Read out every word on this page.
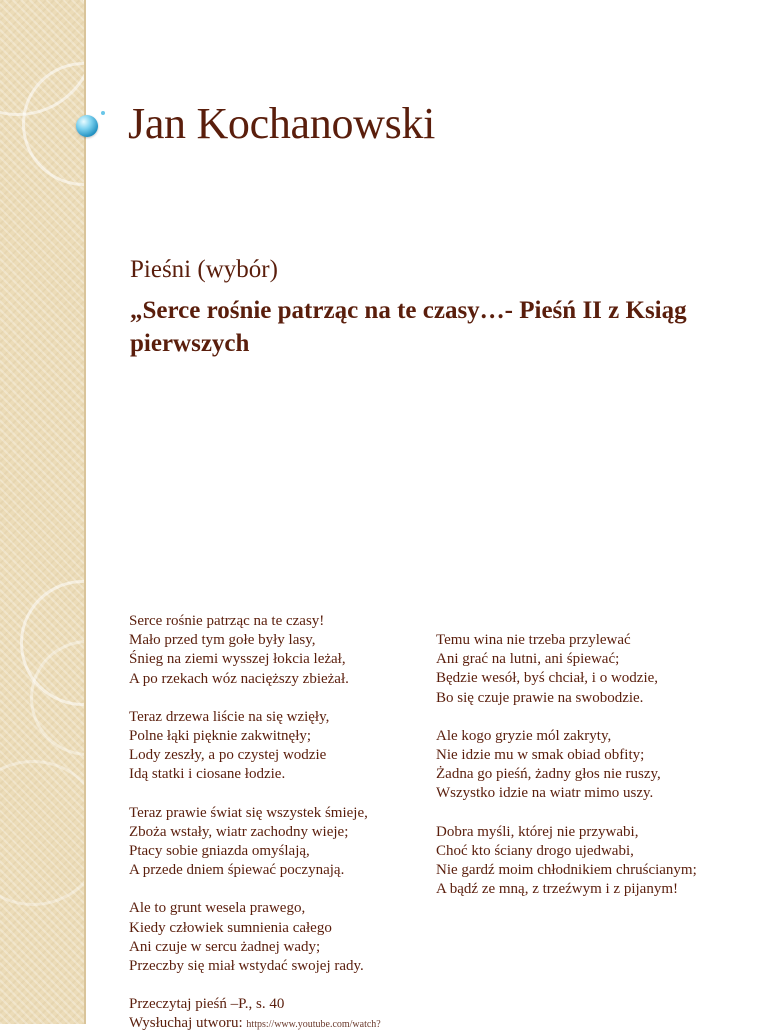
Jan Kochanowski
Pieśni (wybór)
„Serce rośnie patrząc na te czasy…- Pieśń II z Ksiąg pierwszych
Serce rośnie patrząc na te czasy!
Mało przed tym gołe były lasy,
Śnieg na ziemi wysszej łokcia leżał,
A po rzekach wóz nacięższy zbieżał.
Teraz drzewa liście na się wzięły,
Polne łąki pięknie zakwitnęły;
Lody zeszły, a po czystej wodzie
Idą statki i ciosane łodzie.
Teraz prawie świat się wszystek śmieje,
Zboża wstały, wiatr zachodny wieje;
Ptacy sobie gniazda omyślają,
A przede dniem śpiewać poczynają.
Ale to grunt wesela prawego,
Kiedy człowiek sumnienia całego
Ani czuje w sercu żadnej wady;
Przeczby się miał wstydać swojej rady.
Temu wina nie trzeba przylewać
Ani grać na lutni, ani śpiewać;
Będzie wesół, byś chciał, i o wodzie,
Bo się czuje prawie na swobodzie.
Ale kogo gryzie mól zakryty,
Nie idzie mu w smak obiad obfity;
Żadna go pieśń, żadny głos nie ruszy,
Wszystko idzie na wiatr mimo uszy.
Dobra myśli, której nie przywabi,
Choć kto ściany drogo ujedwabi,
Nie gardź moim chłodnikiem chruścianym;
A bądź ze mną, z trzeźwym i z pijanym!
Przeczytaj pieśń –P., s. 40
Wysłuchaj utworu: https://www.youtube.com/watch?
